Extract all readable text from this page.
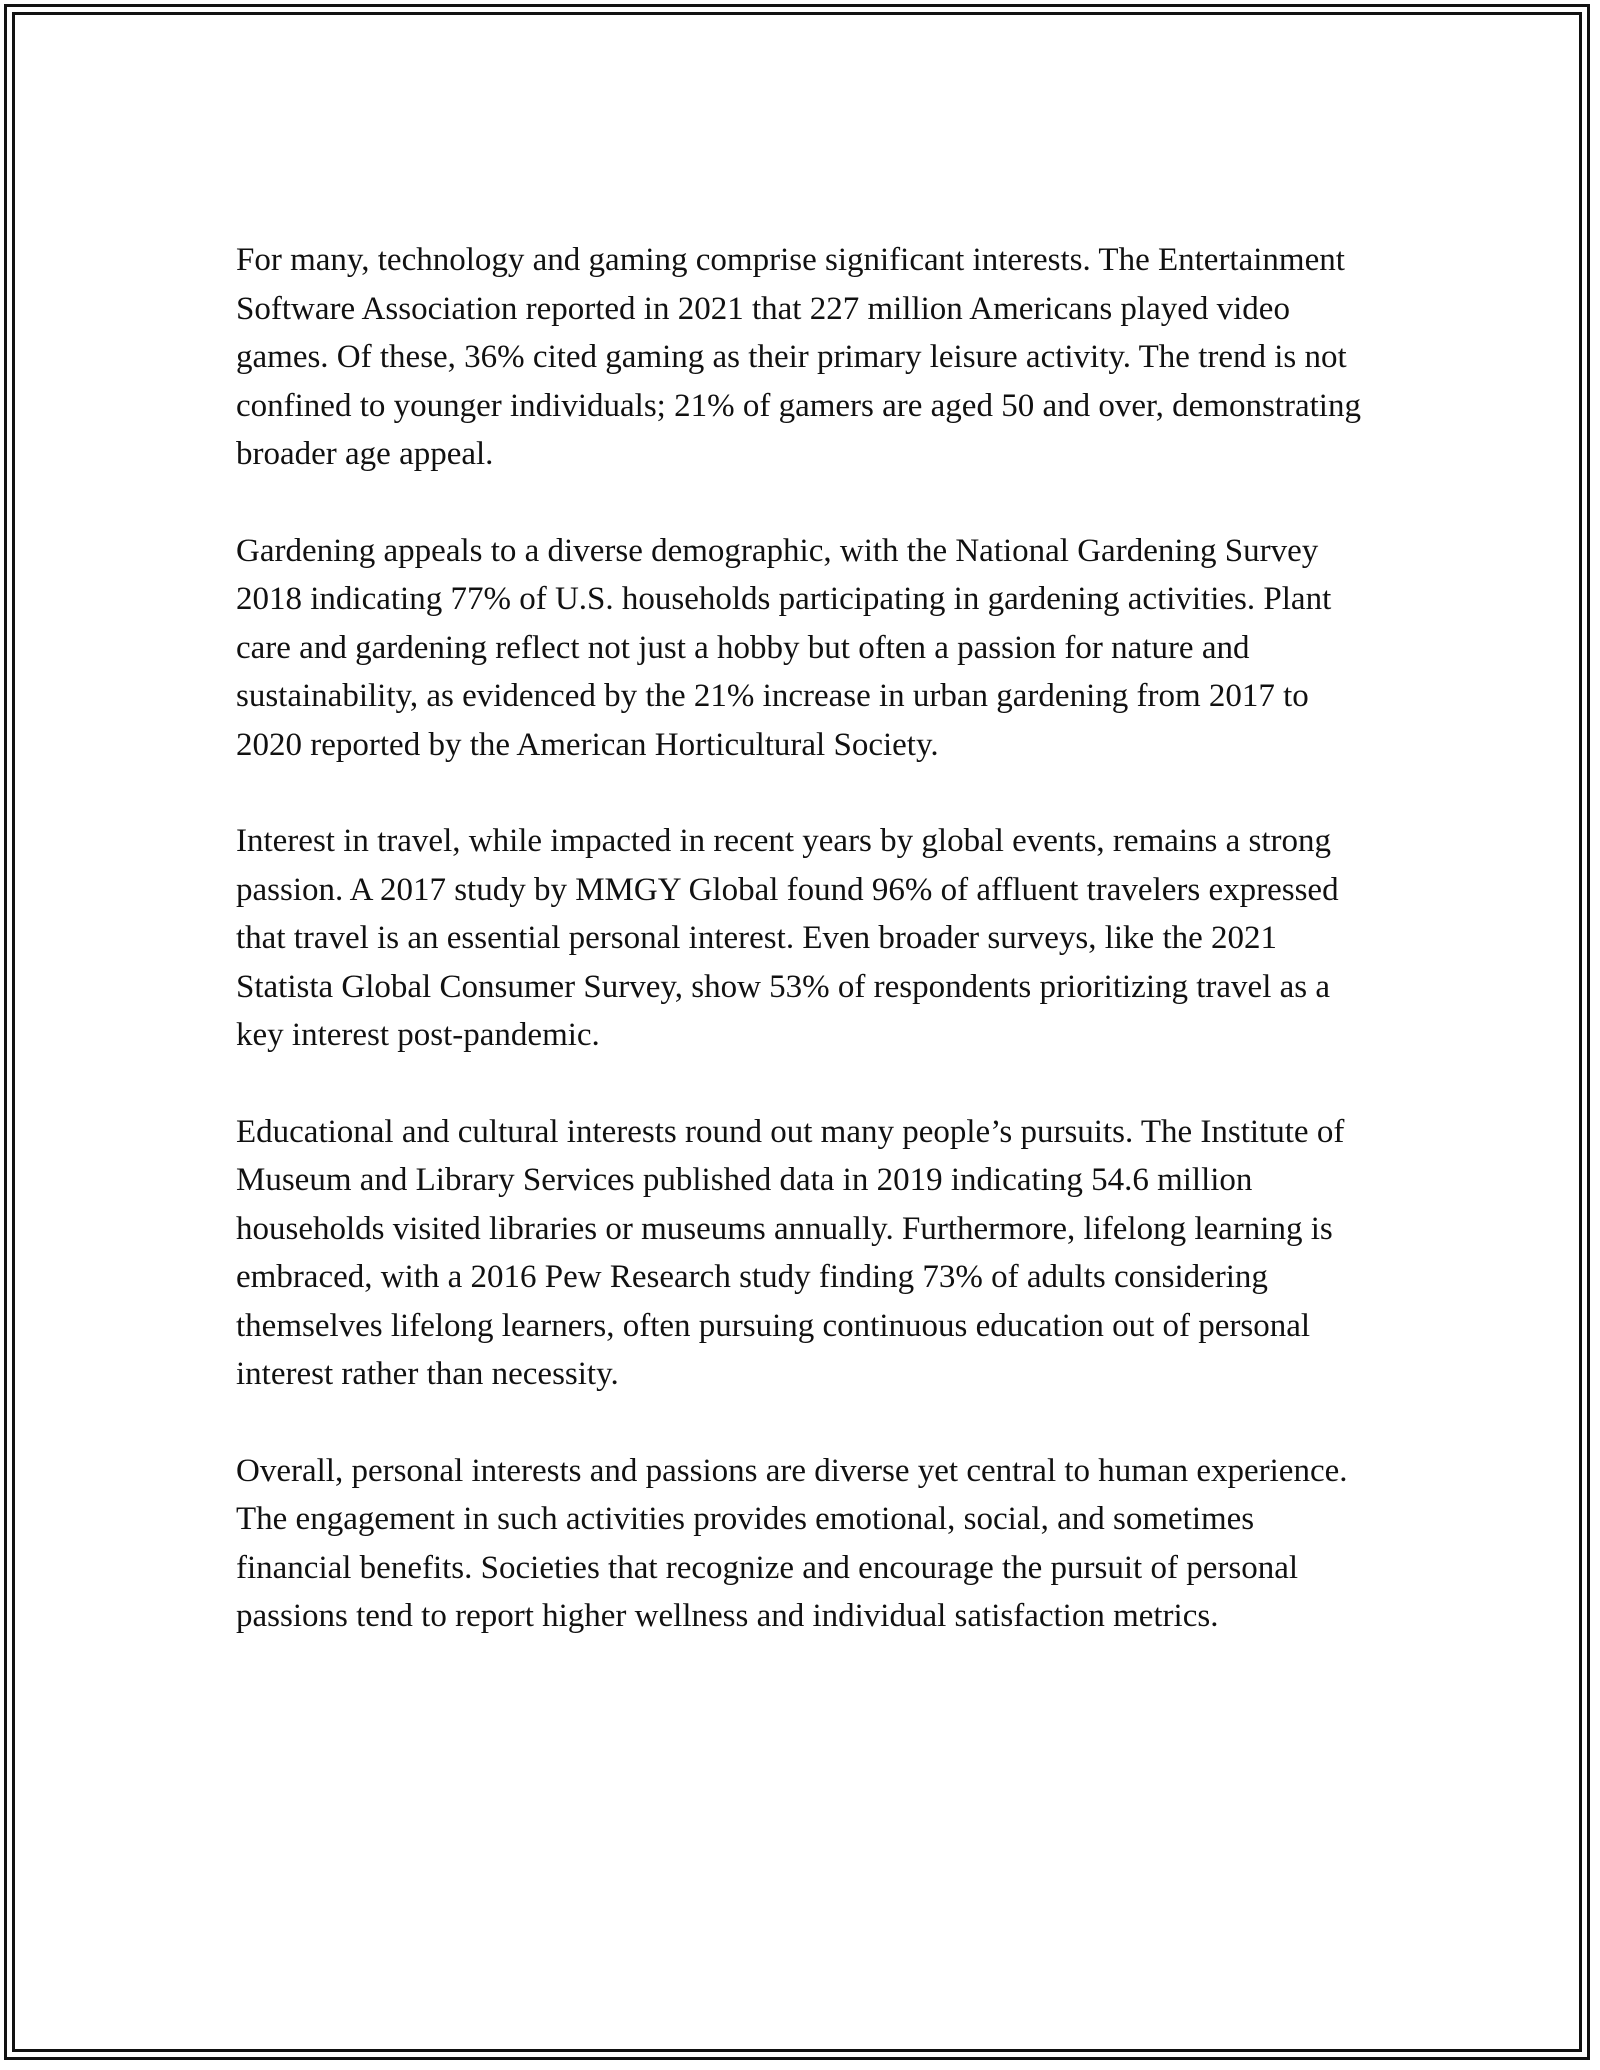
For many, technology and gaming comprise significant interests. The Entertainment Software Association reported in 2021 that 227 million Americans played video games. Of these, 36% cited gaming as their primary leisure activity. The trend is not confined to younger individuals; 21% of gamers are aged 50 and over, demonstrating broader age appeal.

Gardening appeals to a diverse demographic, with the National Gardening Survey 2018 indicating 77% of U.S. households participating in gardening activities. Plant care and gardening reflect not just a hobby but often a passion for nature and sustainability, as evidenced by the 21% increase in urban gardening from 2017 to 2020 reported by the American Horticultural Society.

Interest in travel, while impacted in recent years by global events, remains a strong passion. A 2017 study by MMGY Global found 96% of affluent travelers expressed that travel is an essential personal interest. Even broader surveys, like the 2021 Statista Global Consumer Survey, show 53% of respondents prioritizing travel as a key interest post-pandemic.

Educational and cultural interests round out many people’s pursuits. The Institute of Museum and Library Services published data in 2019 indicating 54.6 million households visited libraries or museums annually. Furthermore, lifelong learning is embraced, with a 2016 Pew Research study finding 73% of adults considering themselves lifelong learners, often pursuing continuous education out of personal interest rather than necessity.

Overall, personal interests and passions are diverse yet central to human experience. The engagement in such activities provides emotional, social, and sometimes financial benefits. Societies that recognize and encourage the pursuit of personal passions tend to report higher wellness and individual satisfaction metrics.
